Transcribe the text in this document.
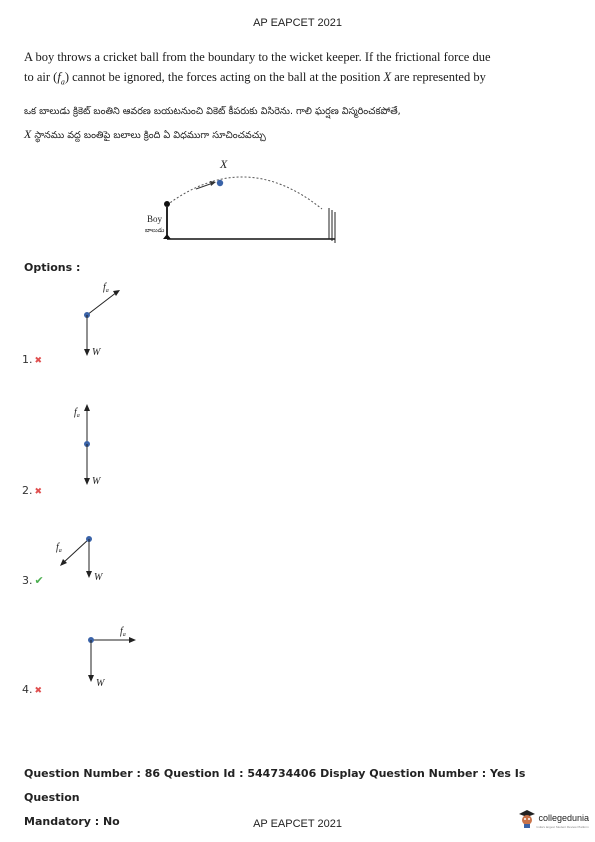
AP EAPCET 2021
A boy throws a cricket ball from the boundary to the wicket keeper. If the frictional force due
to air $(f_a)$ cannot be ignored, the forces acting on the ball at the position X are represented by
ఒక బాలుడు క్రికెట్ బంతిని ఆవరణ బయటనుంచి వికెట్ కీపరుకు విసిరెను. గాలి ఘర్షణ విస్మరించకపోతే,
X స్థానము వద్ద బంతిపై బలాలు క్రింది ఏ విధముగా సూచించవచ్చు
X
Boy
బాలుడు
Options :
$f_a$
W
1. ✖
$f_a$
W
2. ✖
$f_a$
W
3. ✔
$f_a$
W
4. ✖
Question Number : 86 Question Id : 544734406 Display Question Number : Yes Is Question
Mandatory : No	AP EAPCET 2021	collegedunia
India's largest Student Review Platform
